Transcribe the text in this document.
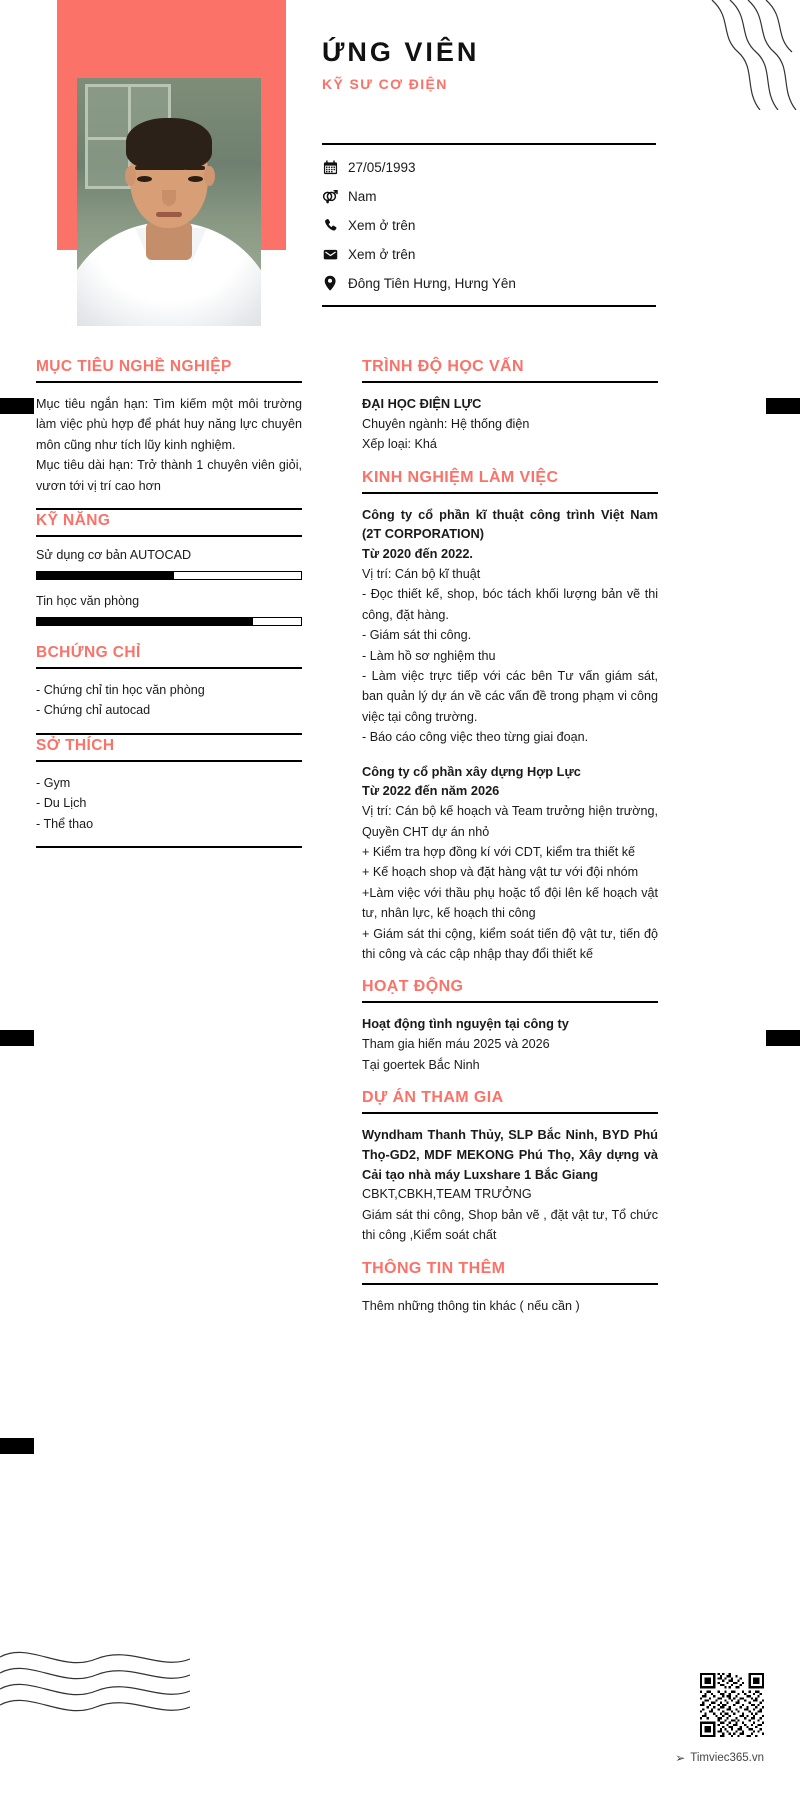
ỨNG VIÊN
KỸ SƯ CƠ ĐIỆN
27/05/1993
Nam
Xem ở trên
Xem ở trên
Đông Tiên Hưng, Hưng Yên
MỤC TIÊU NGHỀ NGHIỆP

Mục tiêu ngắn hạn: Tìm kiếm một môi trường làm việc phù hợp để phát huy năng lực chuyên môn cũng như tích lũy kinh nghiệm.

Mục tiêu dài hạn: Trở thành 1 chuyên viên giỏi, vươn tới vị trí cao hơn

KỸ NĂNG
Sử dụng cơ bản AUTOCAD
Tin học văn phòng
BCHỨNG CHỈ

- Chứng chỉ tin học văn phòng

- Chứng chỉ autocad

SỞ THÍCH

- Gym

- Du Lịch

- Thể thao

TRÌNH ĐỘ HỌC VẤN

ĐẠI HỌC ĐIỆN LỰC

Chuyên ngành: Hệ thống điện

Xếp loại: Khá

KINH NGHIỆM LÀM VIỆC

Công ty cổ phần kĩ thuật công trình Việt Nam (2T CORPORATION)

Từ 2020 đến 2022.

Vị trí: Cán bộ kĩ thuật

- Đọc thiết kế, shop, bóc tách khối lượng bản vẽ thi công, đặt hàng.

- Giám sát thi công.

- Làm hồ sơ nghiệm thu

- Làm việc trực tiếp với các bên Tư vấn giám sát, ban quản lý dự án về các vấn đề trong phạm vi công việc tại công trường.

- Báo cáo công việc theo từng giai đoạn.

Công ty cổ phần xây dựng Hợp Lực

Từ 2022 đến năm 2026

Vị trí: Cán bộ kế hoạch và Team trưởng hiện trường, Quyền CHT dự án nhỏ

+ Kiểm tra hợp đồng kí với CDT, kiểm tra thiết kế

+ Kế hoạch shop và đặt hàng vật tư với đội nhóm

+Làm việc với thầu phụ hoặc tổ đội lên kế hoạch vật tư, nhân lực, kế hoạch thi công

+ Giám sát thi cộng, kiểm soát tiến độ vật tư, tiến độ thi công và các cập nhập thay đổi thiết kế

HOẠT ĐỘNG

Hoạt động tình nguyện tại công ty

Tham gia hiến máu 2025 và 2026

Tại goertek Bắc Ninh

DỰ ÁN THAM GIA

Wyndham Thanh Thủy, SLP Bắc Ninh, BYD Phú Thọ-GD2, MDF MEKONG Phú Thọ, Xây dựng và Cải tạo nhà máy Luxshare 1 Bắc Giang

CBKT,CBKH,TEAM TRƯỞNG

Giám sát thi công, Shop bản vẽ , đặt vật tư, Tổ chức thi công ,Kiểm soát chất

THÔNG TIN THÊM

Thêm những thông tin khác ( nếu cần )

➢ Timviec365.vn
